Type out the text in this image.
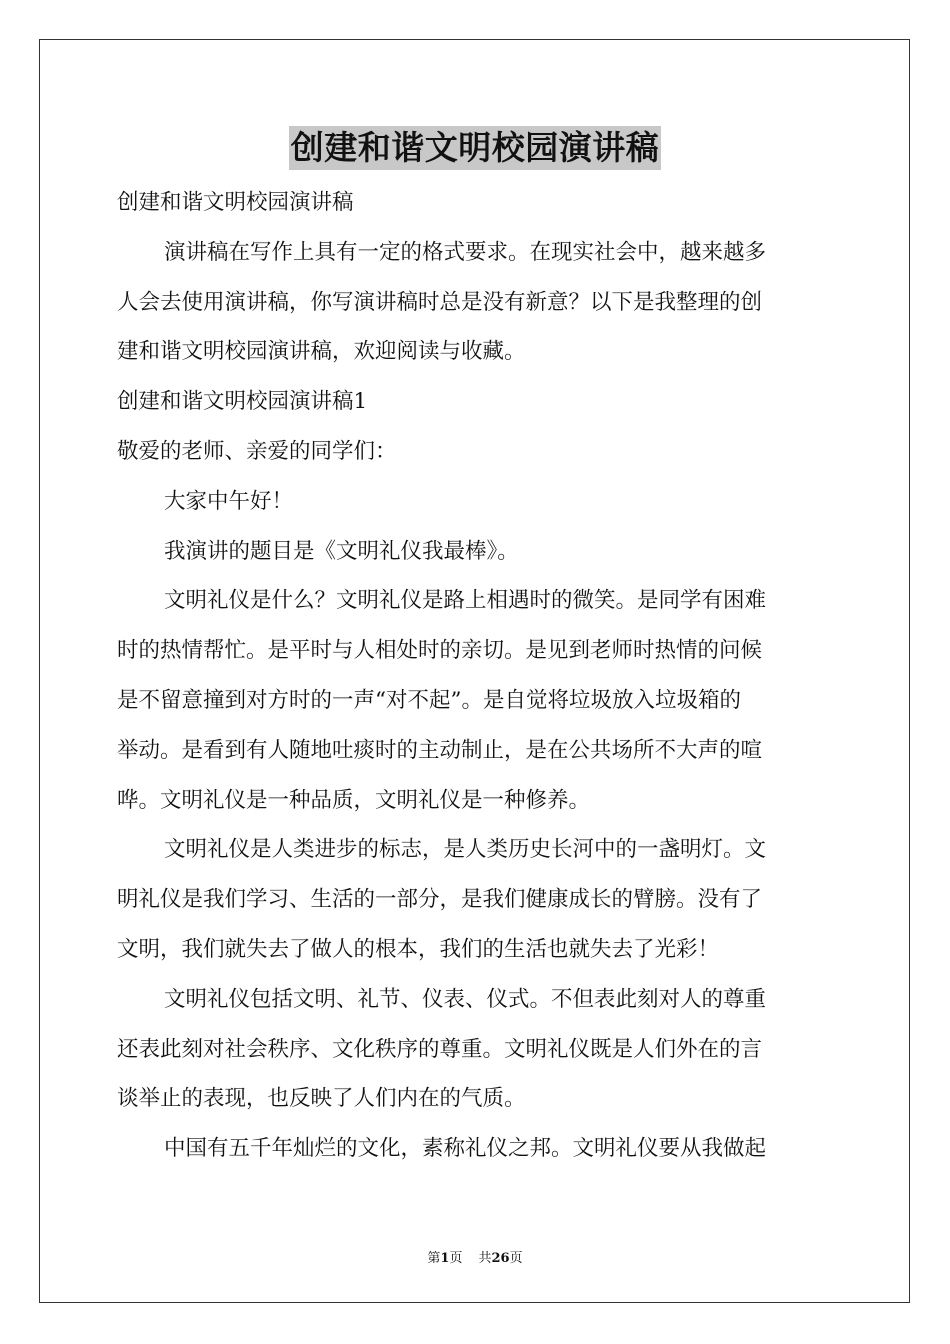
创建和谐文明校园演讲稿

创建和谐文明校园演讲稿

演讲稿在写作上具有一定的格式要求。在现实社会中，越来越多

人会去使用演讲稿，你写演讲稿时总是没有新意？以下是我整理的创

建和谐文明校园演讲稿，欢迎阅读与收藏。

创建和谐文明校园演讲稿1

敬爱的老师、亲爱的同学们：

大家中午好！

我演讲的题目是《文明礼仪我最棒》。

文明礼仪是什么？文明礼仪是路上相遇时的微笑。是同学有困难

时的热情帮忙。是平时与人相处时的亲切。是见到老师时热情的问候

是不留意撞到对方时的一声“对不起”。是自觉将垃圾放入垃圾箱的

举动。是看到有人随地吐痰时的主动制止，是在公共场所不大声的喧

哗。文明礼仪是一种品质，文明礼仪是一种修养。

文明礼仪是人类进步的标志，是人类历史长河中的一盏明灯。文

明礼仪是我们学习、生活的一部分，是我们健康成长的臂膀。没有了

文明，我们就失去了做人的根本，我们的生活也就失去了光彩！

文明礼仪包括文明、礼节、仪表、仪式。不但表此刻对人的尊重

还表此刻对社会秩序、文化秩序的尊重。文明礼仪既是人们外在的言

谈举止的表现，也反映了人们内在的气质。

中国有五千年灿烂的文化，素称礼仪之邦。文明礼仪要从我做起

第1页 共26页
